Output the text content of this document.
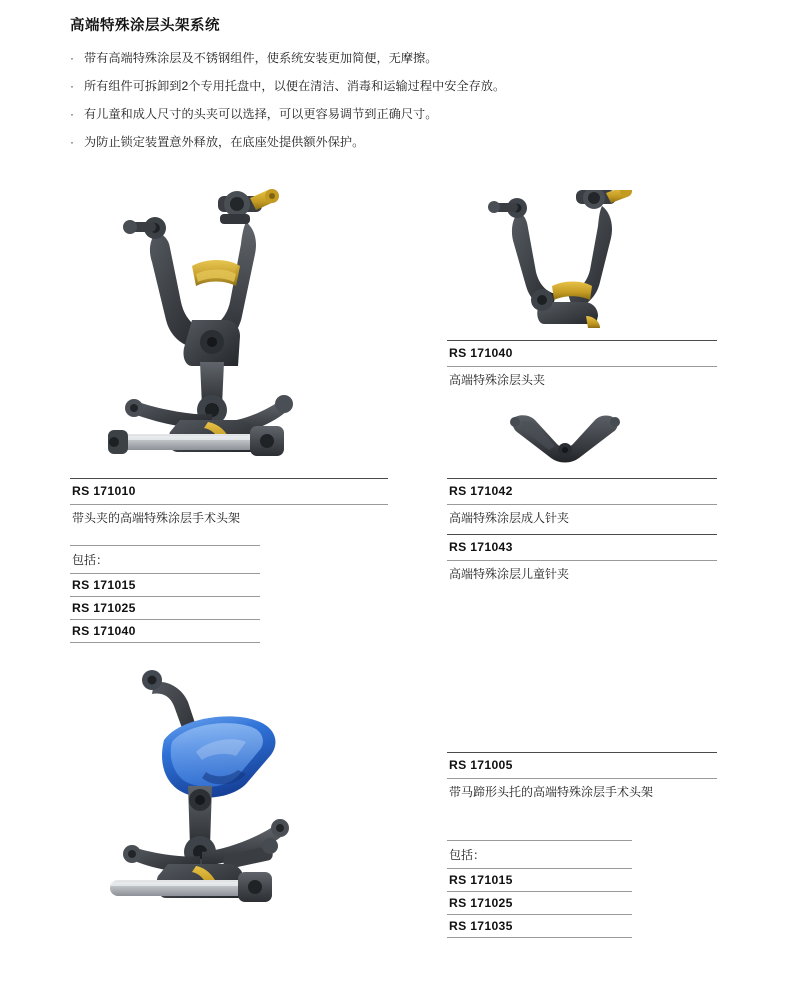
高端特殊涂层头架系统
· 带有高端特殊涂层及不锈钢组件，使系统安装更加简便，无摩擦。
· 所有组件可拆卸到2个专用托盘中，以便在清洁、消毒和运输过程中安全存放。
· 有儿童和成人尺寸的头夹可以选择，可以更容易调节到正确尺寸。
· 为防止锁定装置意外释放，在底座处提供额外保护。
RS 171010
带头夹的高端特殊涂层手术头架
包括：
RS 171015
RS 171025
RS 171040
RS 171040
高端特殊涂层头夹
RS 171042
高端特殊涂层成人针夹
RS 171043
高端特殊涂层儿童针夹
RS 171005
带马蹄形头托的高端特殊涂层手术头架
包括：
RS 171015
RS 171025
RS 171035
